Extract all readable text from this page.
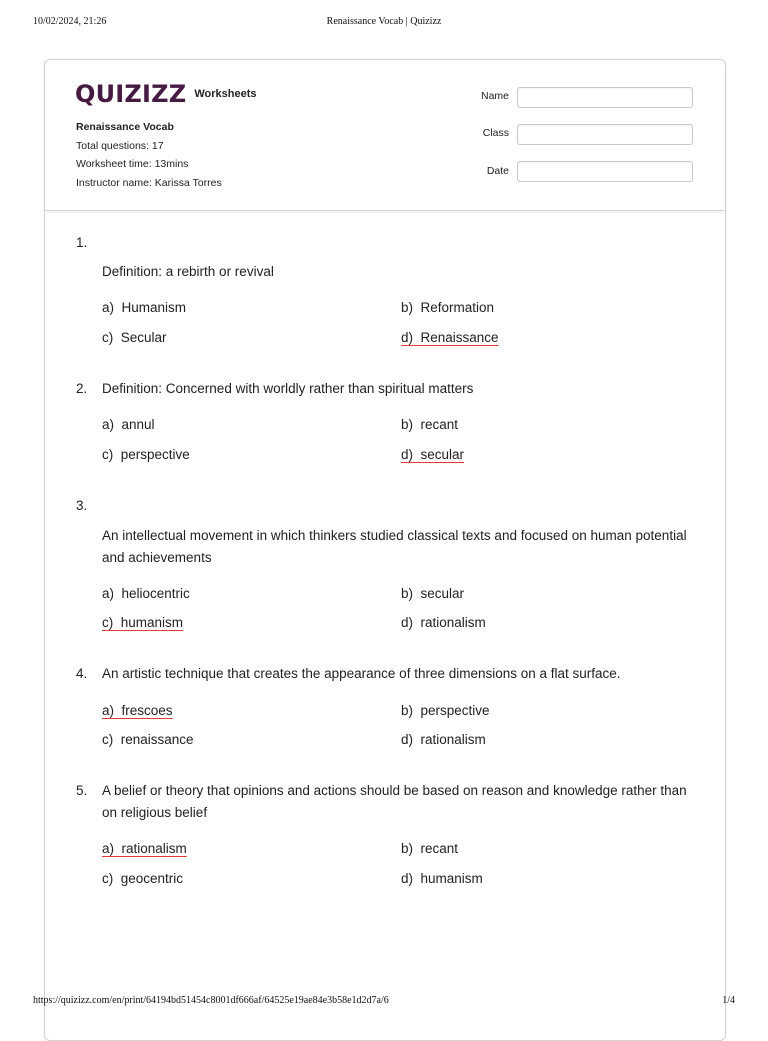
10/02/2024, 21:26	Renaissance Vocab | Quizizz
QUIZIZZ Worksheets
Renaissance Vocab
Total questions: 17
Worksheet time: 13mins
Instructor name: Karissa Torres
Name
Class
Date
1.
Definition: a rebirth or revival
a)  Humanism	b)  Reformation
c)  Secular	d)  Renaissance
2. Definition: Concerned with worldly rather than spiritual matters
a)  annul	b)  recant
c)  perspective	d)  secular
3.
An intellectual movement in which thinkers studied classical texts and focused on human potential and achievements
a)  heliocentric	b)  secular
c)  humanism	d)  rationalism
4. An artistic technique that creates the appearance of three dimensions on a flat surface.
a)  frescoes	b)  perspective
c)  renaissance	d)  rationalism
5. A belief or theory that opinions and actions should be based on reason and knowledge rather than on religious belief
a)  rationalism	b)  recant
c)  geocentric	d)  humanism
https://quizizz.com/en/print/64194bd51454c8001df666af/64525e19ae84e3b58e1d2d7a/6	1/4
